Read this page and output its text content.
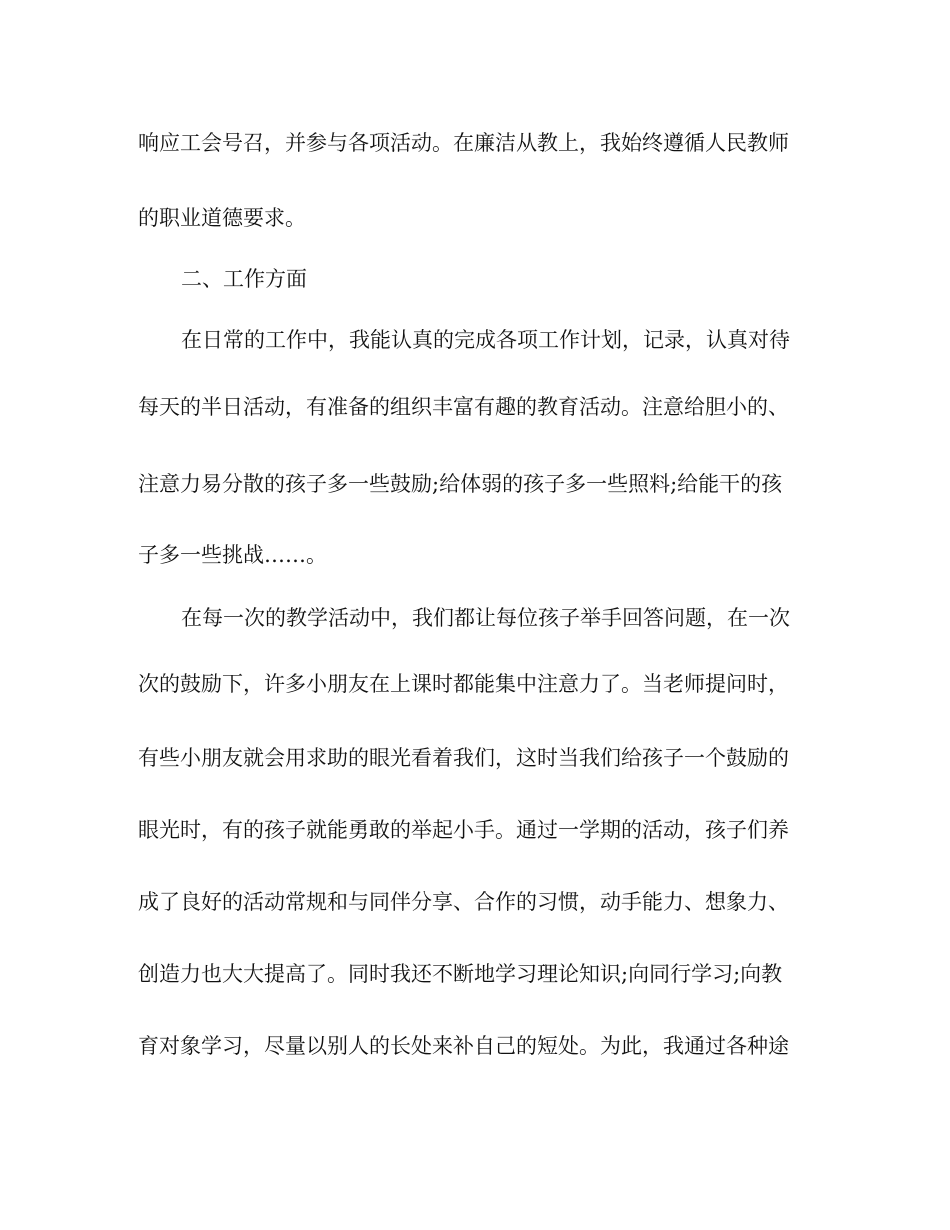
响应工会号召，并参与各项活动。在廉洁从教上，我始终遵循人民教师
的职业道德要求。
二、工作方面
在日常的工作中，我能认真的完成各项工作计划，记录，认真对待
每天的半日活动，有准备的组织丰富有趣的教育活动。注意给胆小的、
注意力易分散的孩子多一些鼓励;给体弱的孩子多一些照料;给能干的孩
子多一些挑战……。
在每一次的教学活动中，我们都让每位孩子举手回答问题，在一次
次的鼓励下，许多小朋友在上课时都能集中注意力了。当老师提问时，
有些小朋友就会用求助的眼光看着我们，这时当我们给孩子一个鼓励的
眼光时，有的孩子就能勇敢的举起小手。通过一学期的活动，孩子们养
成了良好的活动常规和与同伴分享、合作的习惯，动手能力、想象力、
创造力也大大提高了。同时我还不断地学习理论知识;向同行学习;向教
育对象学习，尽量以别人的长处来补自己的短处。为此，我通过各种途
